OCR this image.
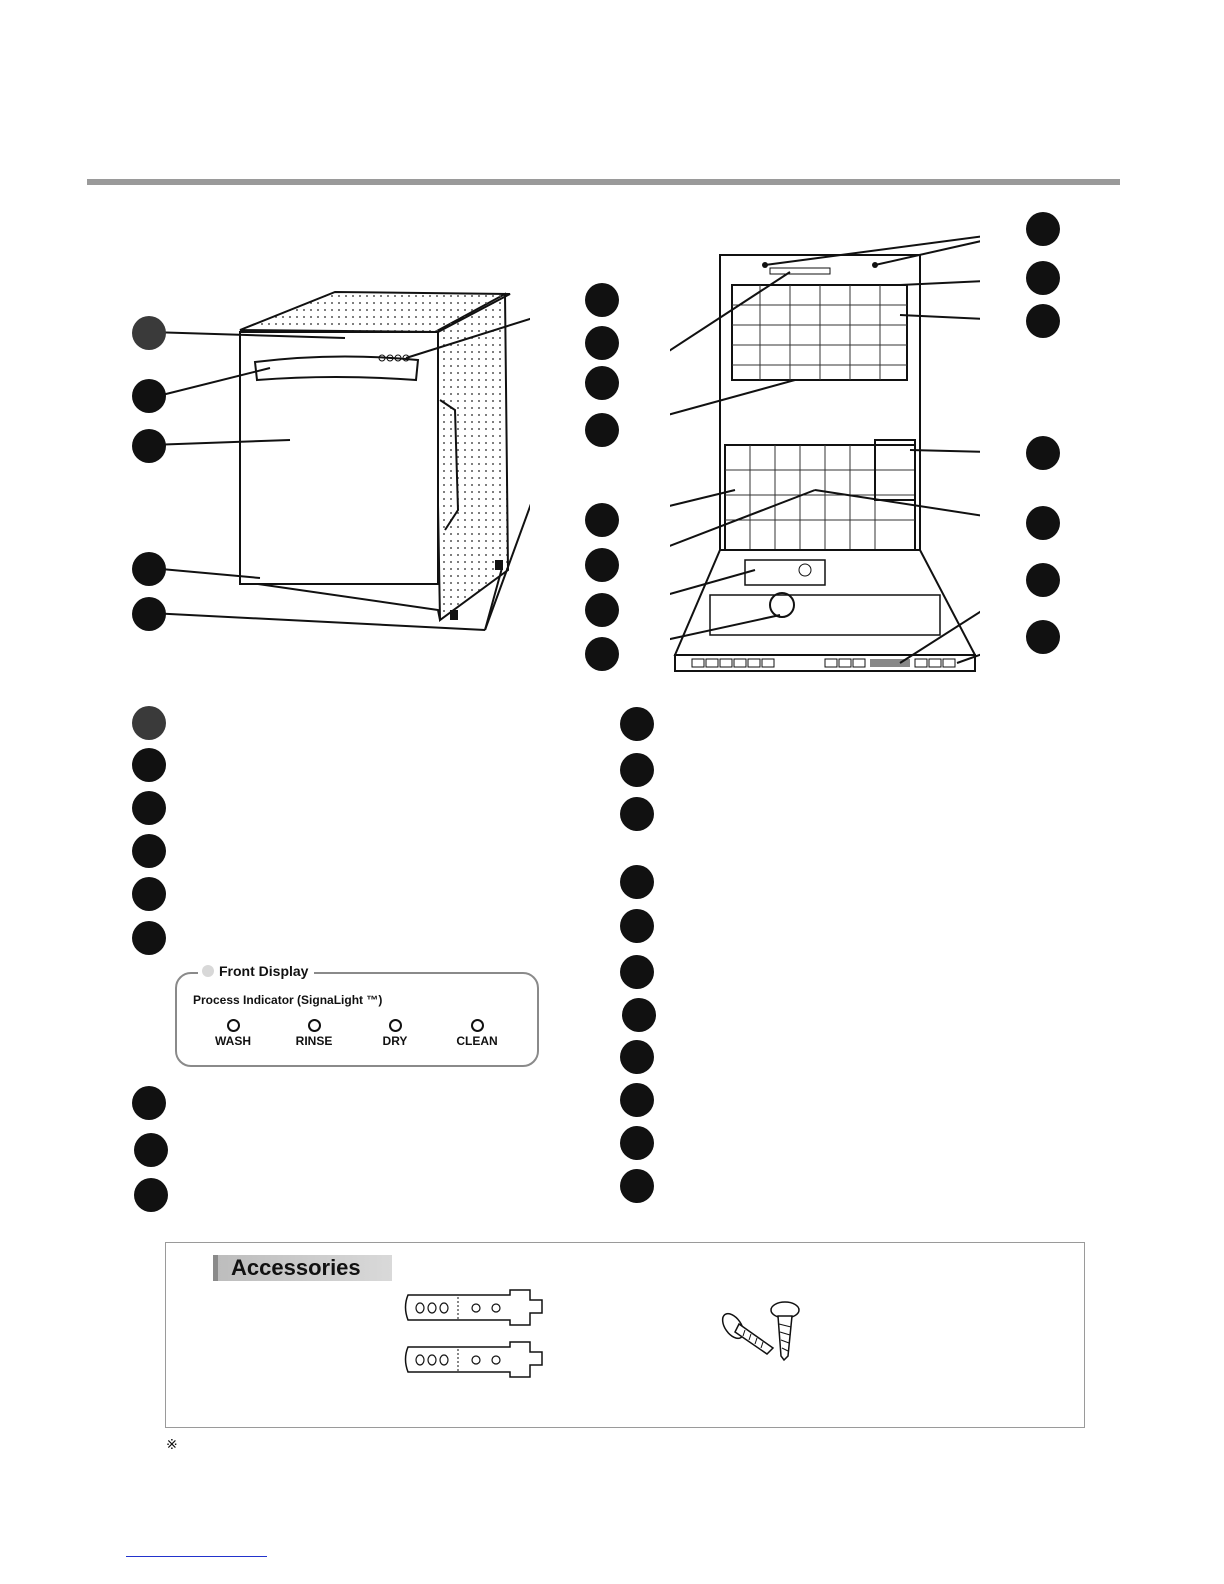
Front Display
Process Indicator (SignaLight ™)
WASH	RINSE	DRY	CLEAN
Accessories
※
